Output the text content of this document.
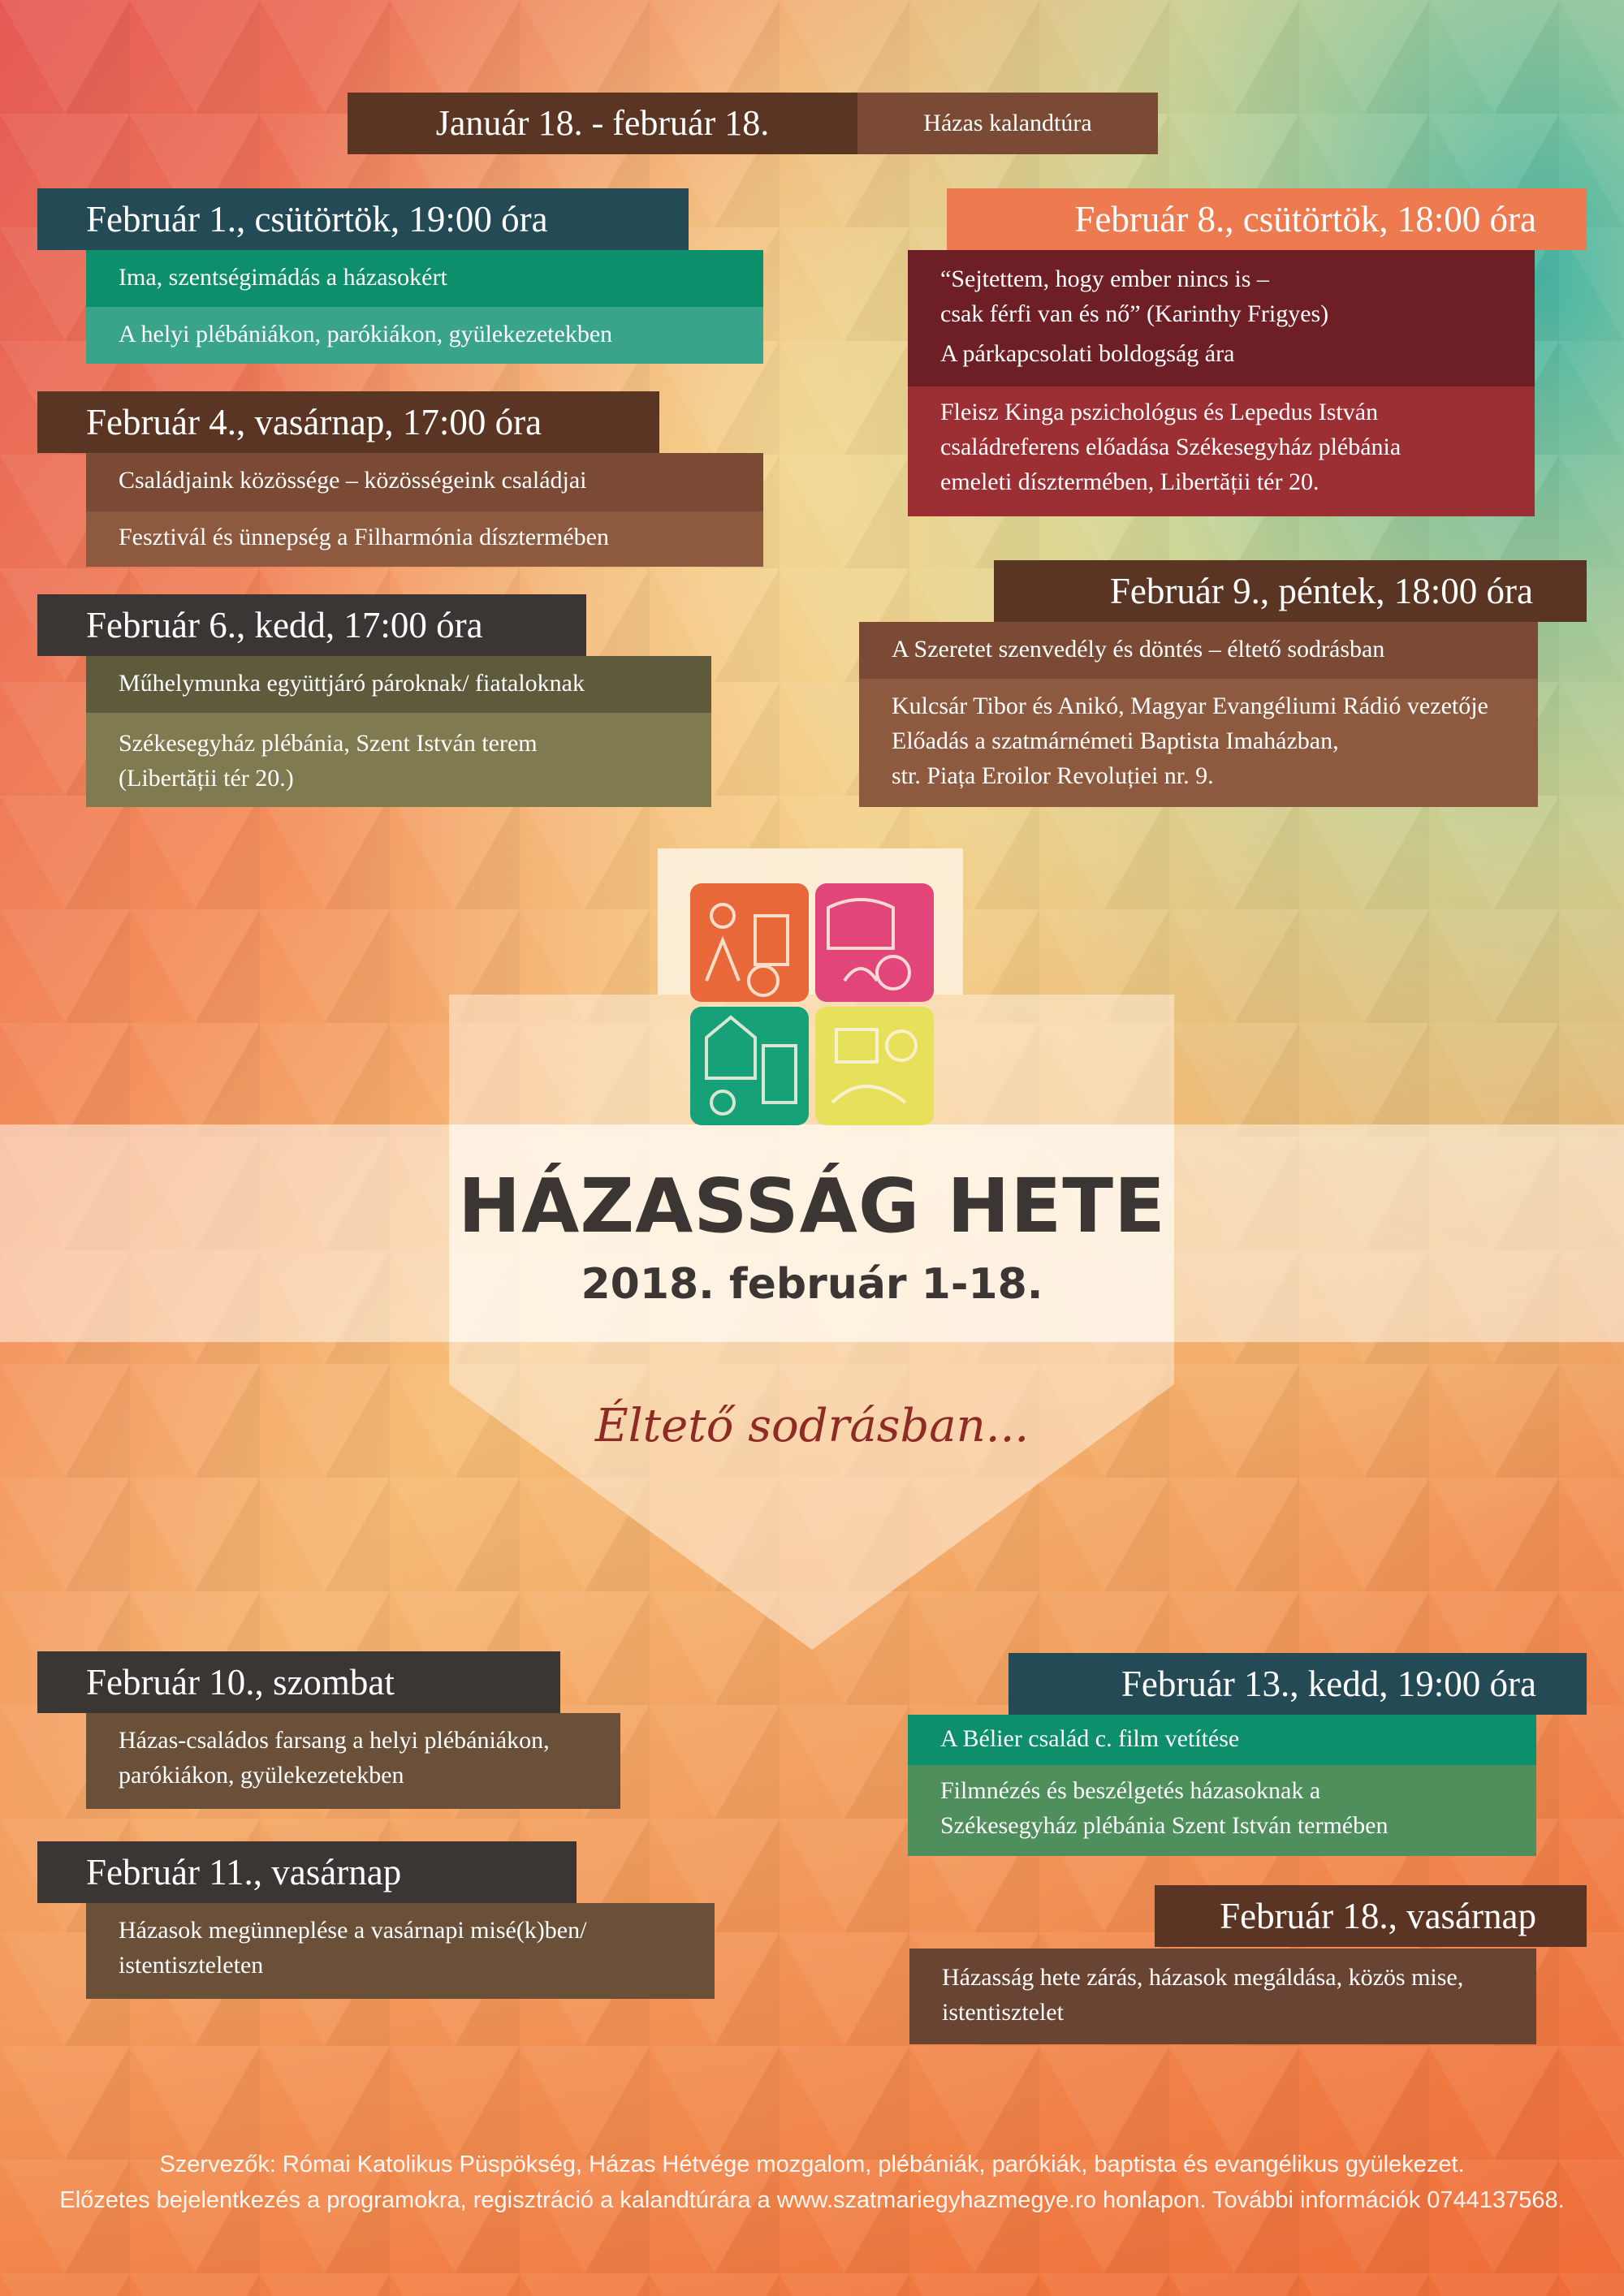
Január 18. - február 18.	Házas kalandtúra
Február 1., csütörtök, 19:00 óra
Ima, szentségimádás a házasokért
A helyi plébániákon, parókiákon, gyülekezetekben
Február 4., vasárnap, 17:00 óra
Családjaink közössége – közösségeink családjai
Fesztivál és ünnepség a Filharmónia dísztermében
Február 6., kedd, 17:00 óra
Műhelymunka együttjáró pároknak/ fiataloknak
Székesegyház plébánia, Szent István terem
(Libertății tér 20.)
Február 8., csütörtök, 18:00 óra
“Sejtettem, hogy ember nincs is –
csak férfi van és nő” (Karinthy Frigyes)
A párkapcsolati boldogság ára
Fleisz Kinga pszichológus és Lepedus István
családreferens előadása Székesegyház plébánia
emeleti dísztermében, Libertății tér 20.
Február 9., péntek, 18:00 óra
A Szeretet szenvedély és döntés – éltető sodrásban
Kulcsár Tibor és Anikó, Magyar Evangéliumi Rádió vezetője
Előadás a szatmárnémeti Baptista Imaházban,
str. Piața Eroilor Revoluției nr. 9.
HÁZASSÁG HETE
2018. február 1-18.
Éltető sodrásban...
Február 10., szombat
Házas-családos farsang a helyi plébániákon,
parókiákon, gyülekezetekben
Február 11., vasárnap
Házasok megünneplése a vasárnapi misé(k)ben/
istentiszteleten
Február 13., kedd, 19:00 óra
A Bélier család c. film vetítése
Filmnézés és beszélgetés házasoknak a
Székesegyház plébánia Szent István termében
Február 18., vasárnap
Házasság hete zárás, házasok megáldása, közös mise,
istentisztelet
Szervezők: Római Katolikus Püspökség, Házas Hétvége mozgalom, plébániák, parókiák, baptista és evangélikus gyülekezet.
Előzetes bejelentkezés a programokra, regisztráció a kalandtúrára a www.szatmariegyhazmegye.ro honlapon. További információk 0744137568.
